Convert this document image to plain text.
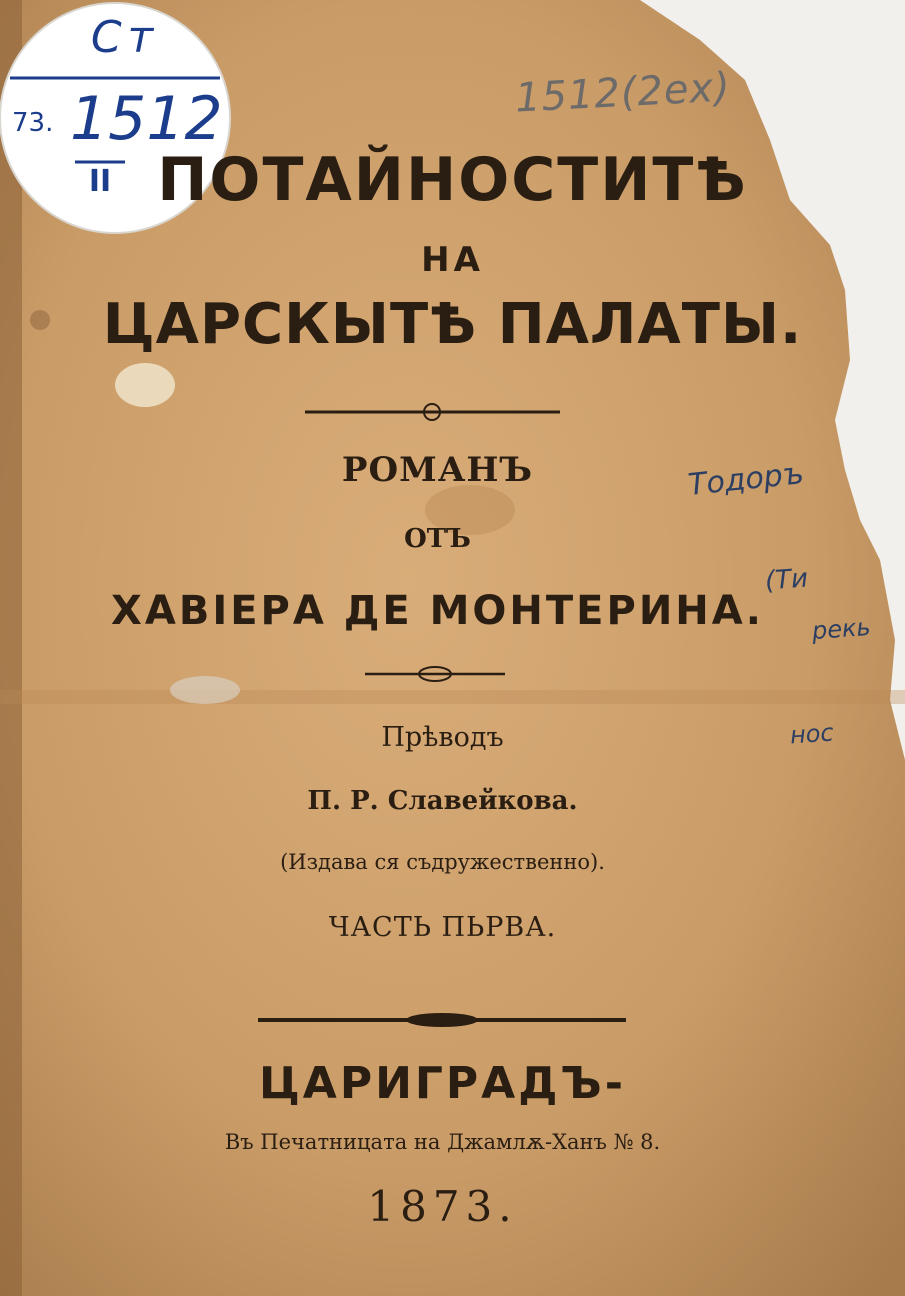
Ст
73. 1512
II
1512(2ех)
Тодоръ
(Ти
рекь
нос
ПОТАЙНОСТИТѢ
НА
ЦАРСКЫТѢ ПАЛАТЫ.
РОМАНЪ
ОТЪ
ХАВІЕРА ДЕ МОНТЕРИНА.
Прѣводъ
П. Р. Славейкова.
(Издава ся съдружественно).
ЧАСТЬ ПЬРВА.
ЦАРИГРАДЪ-
Въ Печатницата на Джамлѫ-Ханъ № 8.
1873.
